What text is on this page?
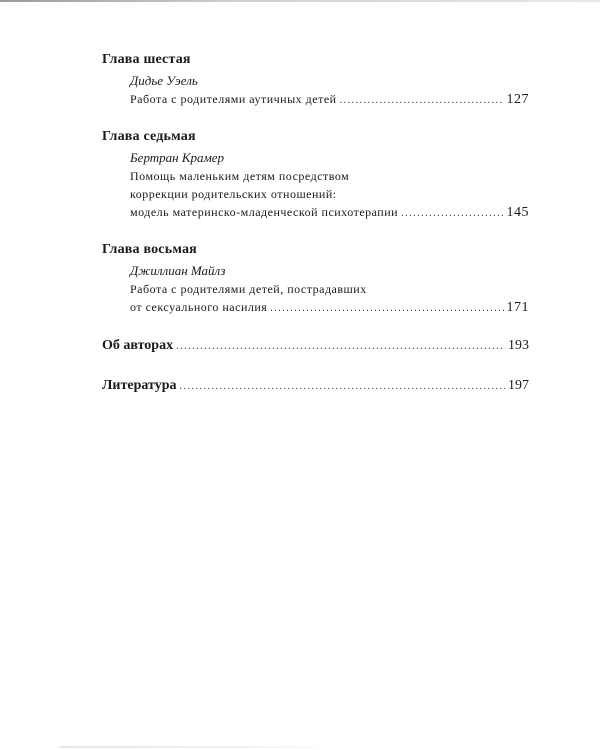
Глава шестая
Дидье Уэель
Работа с родителями аутичных детей .....	127
Глава седьмая
Бертран Крамер
Помощь маленьким детям посредством
коррекции родительских отношений:
модель материнско-младенческой психотерапии .....	145
Глава восьмая
Джиллиан Майлз
Работа с родителями детей, пострадавших
от сексуального насилия .....	171
Об авторах .....	193
Литература .....	197
